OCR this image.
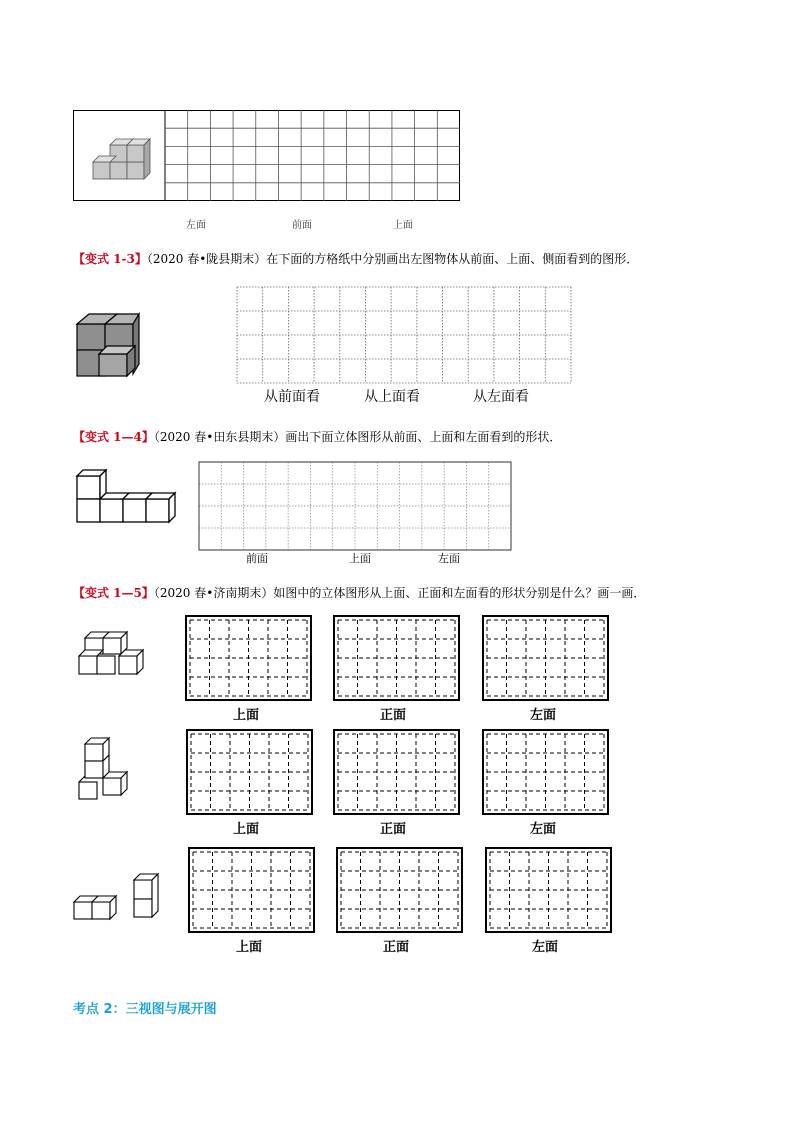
左面	前面	上面
【变式 1-3】（2020 春•陇县期末）在下面的方格纸中分别画出左图物体从前面、上面、侧面看到的图形．
从前面看	从上面看	从左面看
【变式 1—4】（2020 春•田东县期末）画出下面立体图形从前面、上面和左面看到的形状．
前面	上面	左面
【变式 1—5】（2020 春•济南期末）如图中的立体图形从上面、正面和左面看的形状分别是什么？画一画．
上面	正面	左面
上面	正面	左面
上面	正面	左面
考点 2：三视图与展开图
